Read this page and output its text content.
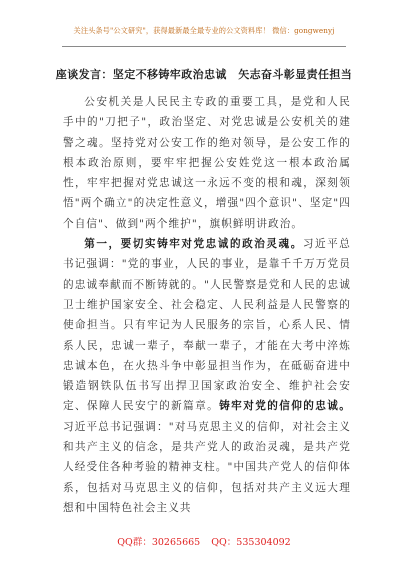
关注头条号"公文研究"，获得最新最全最专业的公文资料库！ 微信：gongwenyj
座谈发言：坚定不移铸牢政治忠诚　矢志奋斗彰显责任担当

公安机关是人民民主专政的重要工具，是党和人民手中的"刀把子"，政治坚定、对党忠诚是公安机关的建警之魂。坚持党对公安工作的绝对领导，是公安工作的根本政治原则，要牢牢把握公安姓党这一根本政治属性，牢牢把握对党忠诚这一永远不变的根和魂，深刻领悟"两个确立"的决定性意义，增强"四个意识"、坚定"四个自信"、做到"两个维护"，旗帜鲜明讲政治。

第一，要切实铸牢对党忠诚的政治灵魂。习近平总书记强调："党的事业，人民的事业，是靠千千万万党员的忠诚奉献而不断铸就的。"人民警察是党和人民的忠诚卫士维护国家安全、社会稳定、人民利益是人民警察的使命担当。只有牢记为人民服务的宗旨，心系人民、情系人民，忠诚一辈子，奉献一辈子，才能在大考中淬炼忠诚本色，在火热斗争中彰显担当作为，在砥砺奋进中锻造钢铁队伍书写出捍卫国家政治安全、维护社会安定、保障人民安宁的新篇章。铸牢对党的信仰的忠诚。习近平总书记强调："对马克思主义的信仰，对社会主义和共产主义的信念，是共产党人的政治灵魂，是共产党人经受住各种考验的精神支柱。"中国共产党人的信仰体系，包括对马克思主义的信仰，包括对共产主义远大理想和中国特色社会主义共

QQ群：30265665 QQ：535304092
